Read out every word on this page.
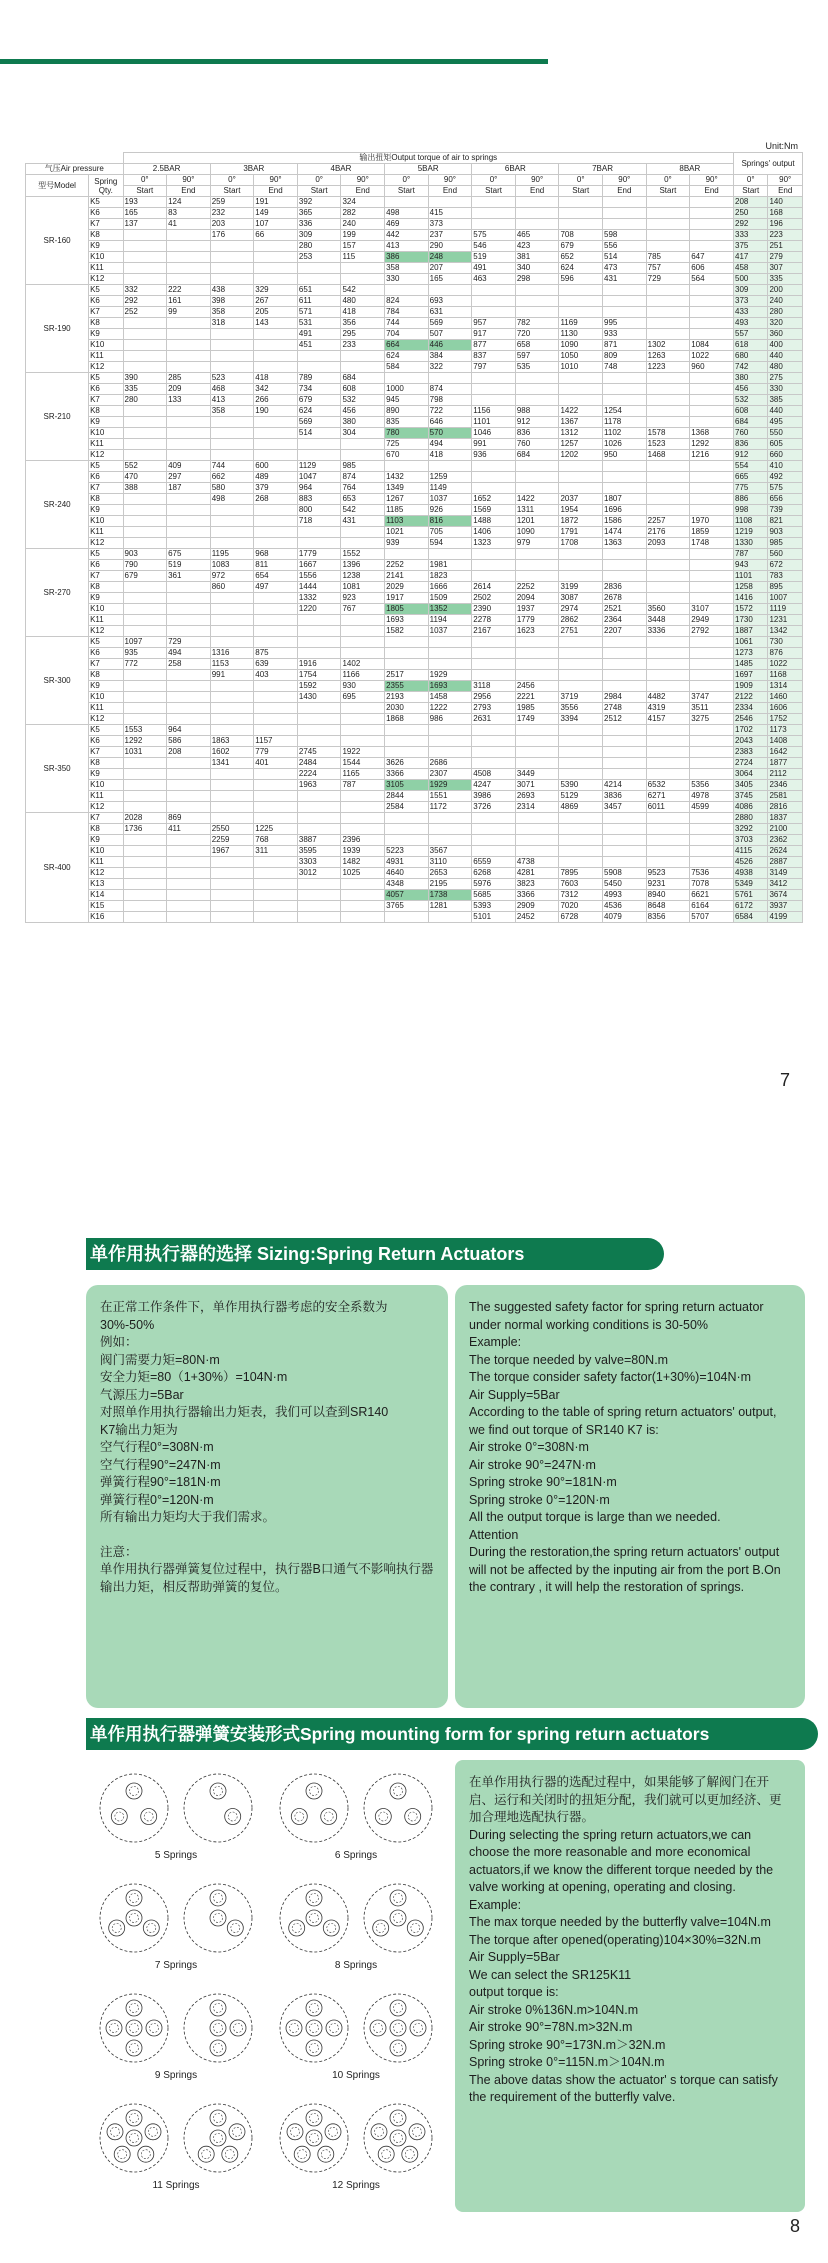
Unit:Nm
		输出扭矩Output torque of air to springs														Springs' output	
气压Air pressure		2.5BAR		3BAR		4BAR		5BAR		6BAR		7BAR		8BAR			
型号Model	Spring Qty.	0°	90°	0°	90°	0°	90°	0°	90°	0°	90°	0°	90°	0°	90°	0°	90°
		Start	End	Start	End	Start	End	Start	End	Start	End	Start	End	Start	End	Start	End
SR-160	K5	193	124	259	191	392	324									208	140
	K6	165	83	232	149	365	282	498	415							250	168
	K7	137	41	203	107	336	240	469	373							292	196
	K8			176	66	309	199	442	237	575	465	708	598			333	223
	K9					280	157	413	290	546	423	679	556			375	251
	K10					253	115	386	248	519	381	652	514	785	647	417	279
	K11							358	207	491	340	624	473	757	606	458	307
	K12							330	165	463	298	596	431	729	564	500	335
SR-190	K5	332	222	438	329	651	542									309	200
	K6	292	161	398	267	611	480	824	693							373	240
	K7	252	99	358	205	571	418	784	631							433	280
	K8			318	143	531	356	744	569	957	782	1169	995			493	320
	K9					491	295	704	507	917	720	1130	933			557	360
	K10					451	233	664	446	877	658	1090	871	1302	1084	618	400
	K11							624	384	837	597	1050	809	1263	1022	680	440
	K12							584	322	797	535	1010	748	1223	960	742	480
SR-210	K5	390	285	523	418	789	684									380	275
	K6	335	209	468	342	734	608	1000	874							456	330
	K7	280	133	413	266	679	532	945	798							532	385
	K8			358	190	624	456	890	722	1156	988	1422	1254			608	440
	K9					569	380	835	646	1101	912	1367	1178			684	495
	K10					514	304	780	570	1046	836	1312	1102	1578	1368	760	550
	K11							725	494	991	760	1257	1026	1523	1292	836	605
	K12							670	418	936	684	1202	950	1468	1216	912	660
SR-240	K5	552	409	744	600	1129	985									554	410
	K6	470	297	662	489	1047	874	1432	1259							665	492
	K7	388	187	580	379	964	764	1349	1149							775	575
	K8			498	268	883	653	1267	1037	1652	1422	2037	1807			886	656
	K9					800	542	1185	926	1569	1311	1954	1696			998	739
	K10					718	431	1103	816	1488	1201	1872	1586	2257	1970	1108	821
	K11							1021	705	1406	1090	1791	1474	2176	1859	1219	903
	K12							939	594	1323	979	1708	1363	2093	1748	1330	985
SR-270	K5	903	675	1195	968	1779	1552									787	560
	K6	790	519	1083	811	1667	1396	2252	1981							943	672
	K7	679	361	972	654	1556	1238	2141	1823							1101	783
	K8			860	497	1444	1081	2029	1666	2614	2252	3199	2836			1258	895
	K9					1332	923	1917	1509	2502	2094	3087	2678			1416	1007
	K10					1220	767	1805	1352	2390	1937	2974	2521	3560	3107	1572	1119
	K11							1693	1194	2278	1779	2862	2364	3448	2949	1730	1231
	K12							1582	1037	2167	1623	2751	2207	3336	2792	1887	1342
SR-300	K5	1097	729													1061	730
	K6	935	494	1316	875											1273	876
	K7	772	258	1153	639	1916	1402									1485	1022
	K8			991	403	1754	1166	2517	1929							1697	1168
	K9					1592	930	2355	1693	3118	2456					1909	1314
	K10					1430	695	2193	1458	2956	2221	3719	2984	4482	3747	2122	1460
	K11							2030	1222	2793	1985	3556	2748	4319	3511	2334	1606
	K12							1868	986	2631	1749	3394	2512	4157	3275	2546	1752
SR-350	K5	1553	964													1702	1173
	K6	1292	586	1863	1157											2043	1408
	K7	1031	208	1602	779	2745	1922									2383	1642
	K8			1341	401	2484	1544	3626	2686							2724	1877
	K9					2224	1165	3366	2307	4508	3449					3064	2112
	K10					1963	787	3105	1929	4247	3071	5390	4214	6532	5356	3405	2346
	K11							2844	1551	3986	2693	5129	3836	6271	4978	3745	2581
	K12							2584	1172	3726	2314	4869	3457	6011	4599	4086	2816
SR-400	K7	2028	869													2880	1837
	K8	1736	411	2550	1225											3292	2100
	K9			2259	768	3887	2396									3703	2362
	K10			1967	311	3595	1939	5223	3567							4115	2624
	K11					3303	1482	4931	3110	6559	4738					4526	2887
	K12					3012	1025	4640	2653	6268	4281	7895	5908	9523	7536	4938	3149
	K13							4348	2195	5976	3823	7603	5450	9231	7078	5349	3412
	K14							4057	1738	5685	3366	7312	4993	8940	6621	5761	3674
	K15							3765	1281	5393	2909	7020	4536	8648	6164	6172	3937
	K16									5101	2452	6728	4079	8356	5707	6584	4199
7
单作用执行器的选择 Sizing:Spring Return Actuators

在正常工作条件下，单作用执行器考虑的安全系数为30%-50%

例如：

阀门需要力矩=80N·m

安全力矩=80（1+30%）=104N·m

气源压力=5Bar

对照单作用执行器输出力矩表，我们可以查到SR140

K7输出力矩为

空气行程0°=308N·m

空气行程90°=247N·m

弹簧行程90°=181N·m

弹簧行程0°=120N·m

所有输出力矩均大于我们需求。

注意：

单作用执行器弹簧复位过程中，执行器B口通气不影响执行器输出力矩，相反帮助弹簧的复位。

The suggested safety factor for spring return actuator under normal working conditions is 30-50%

Example:

The torque needed by valve=80N.m

The torque consider safety factor(1+30%)=104N·m

Air Supply=5Bar

According to the table of spring return actuators' output,

we find out torque of SR140 K7 is:

Air stroke 0°=308N·m

Air stroke 90°=247N·m

Spring stroke 90°=181N·m

Spring stroke 0°=120N·m

All the output torque is large than we needed.

Attention

During the restoration,the spring return actuators' output will not be affected by the inputing air from the port B.On the contrary , it will help the restoration of springs.

单作用执行器弹簧安装形式Spring mounting form for spring return actuators
5 Springs	6 Springs
7 Springs	8 Springs
9 Springs	10 Springs
11 Springs	12 Springs

在单作用执行器的选配过程中，如果能够了解阀门在开启、运行和关闭时的扭矩分配，我们就可以更加经济、更加合理地选配执行器。

During selecting the spring return actuators,we can choose the more reasonable and more economical actuators,if we know the different torque needed by the valve working at opening, operating and closing.

Example:

The max torque needed by the butterfly valve=104N.m

The torque after opened(operating)104×30%=32N.m

Air Supply=5Bar

We can select the SR125K11

output torque is:

Air stroke 0%136N.m>104N.m

Air stroke 90°=78N.m>32N.m

Spring stroke 90°=173N.m＞32N.m

Spring stroke 0°=115N.m＞104N.m

The above datas show the actuator' s torque can satisfy

the requirement of the butterfly valve.

8
